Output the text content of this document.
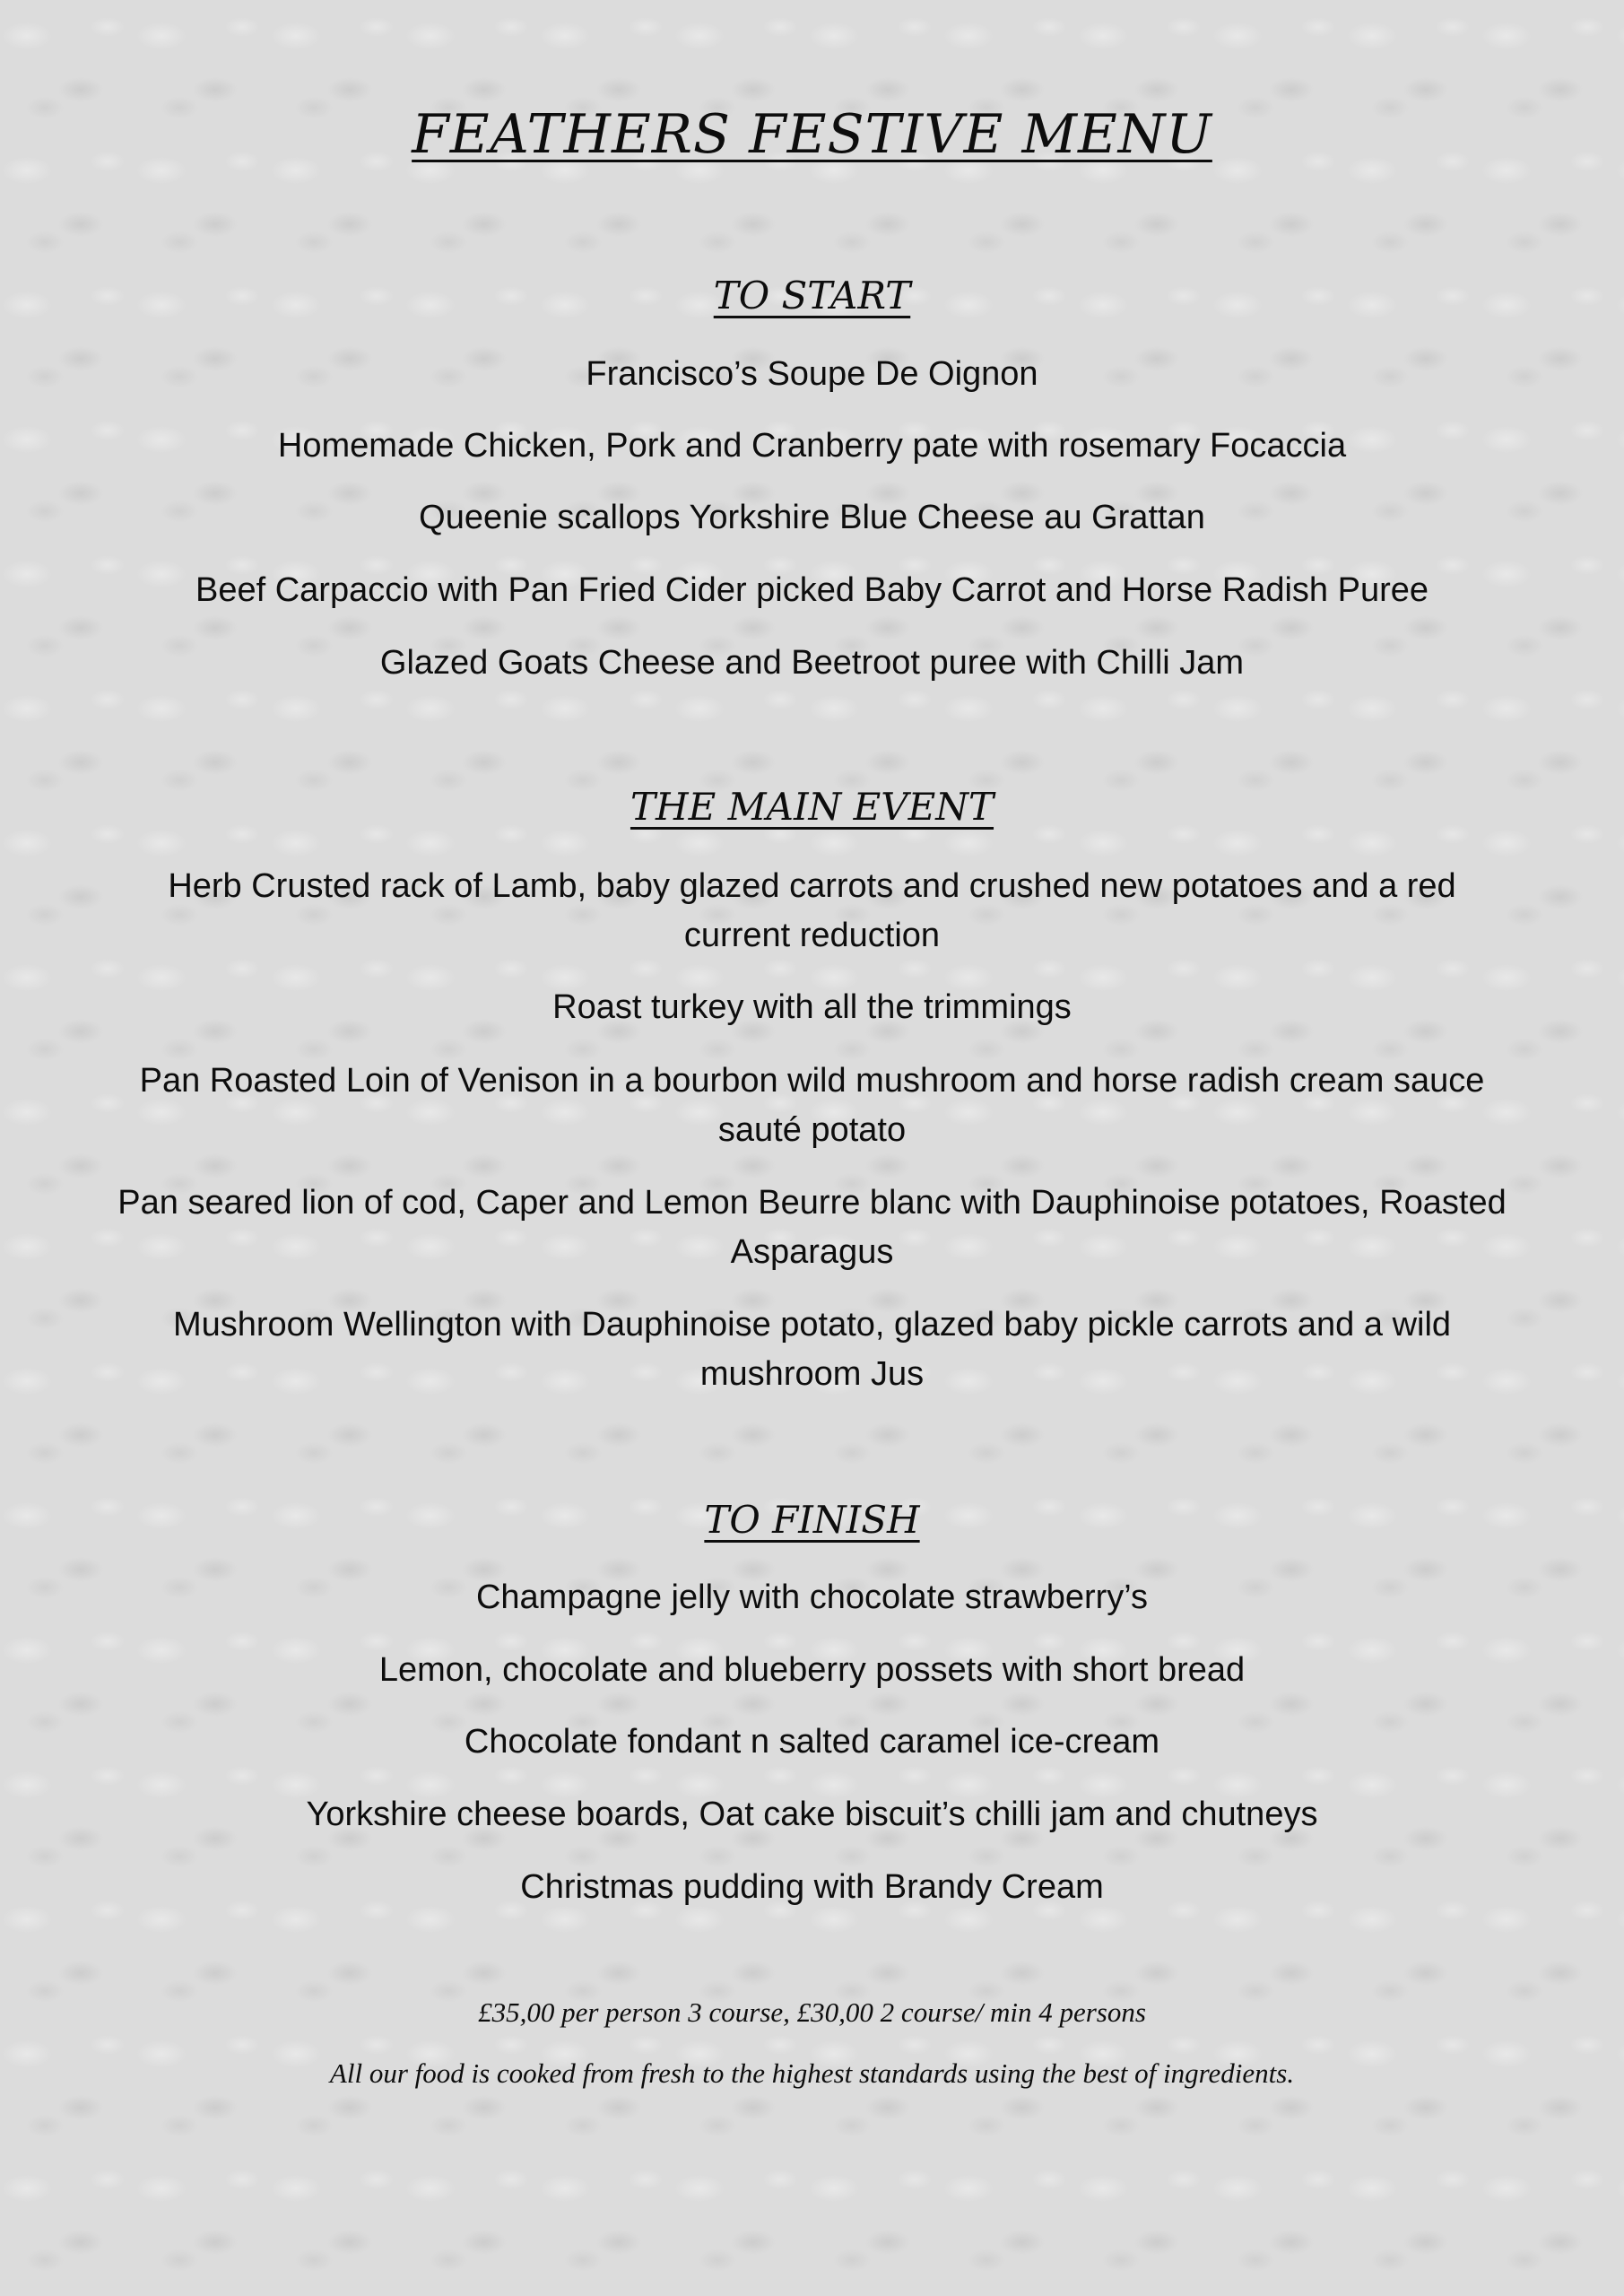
FEATHERS FESTIVE MENU
TO START
Francisco’s Soupe De Oignon
Homemade Chicken, Pork and Cranberry pate with rosemary Focaccia
Queenie scallops Yorkshire Blue Cheese au Grattan
Beef Carpaccio with Pan Fried Cider picked Baby Carrot and Horse Radish Puree
Glazed Goats Cheese and Beetroot puree with Chilli Jam
THE MAIN EVENT
Herb Crusted rack of Lamb, baby glazed carrots and crushed new potatoes and a red current reduction
Roast turkey with all the trimmings
Pan Roasted Loin of Venison in a bourbon wild mushroom and horse radish cream sauce sauté potato
Pan seared lion of cod, Caper and Lemon Beurre blanc with Dauphinoise potatoes, Roasted Asparagus
Mushroom Wellington with Dauphinoise potato, glazed baby pickle carrots and a wild mushroom Jus
TO FINISH
Champagne jelly with chocolate strawberry’s
Lemon, chocolate and blueberry possets with short bread
Chocolate fondant n salted caramel ice-cream
Yorkshire cheese boards, Oat cake biscuit’s chilli jam and chutneys
Christmas pudding with Brandy Cream
£35,00 per person 3 course, £30,00 2 course/ min 4 persons
All our food is cooked from fresh to the highest standards using the best of ingredients.
